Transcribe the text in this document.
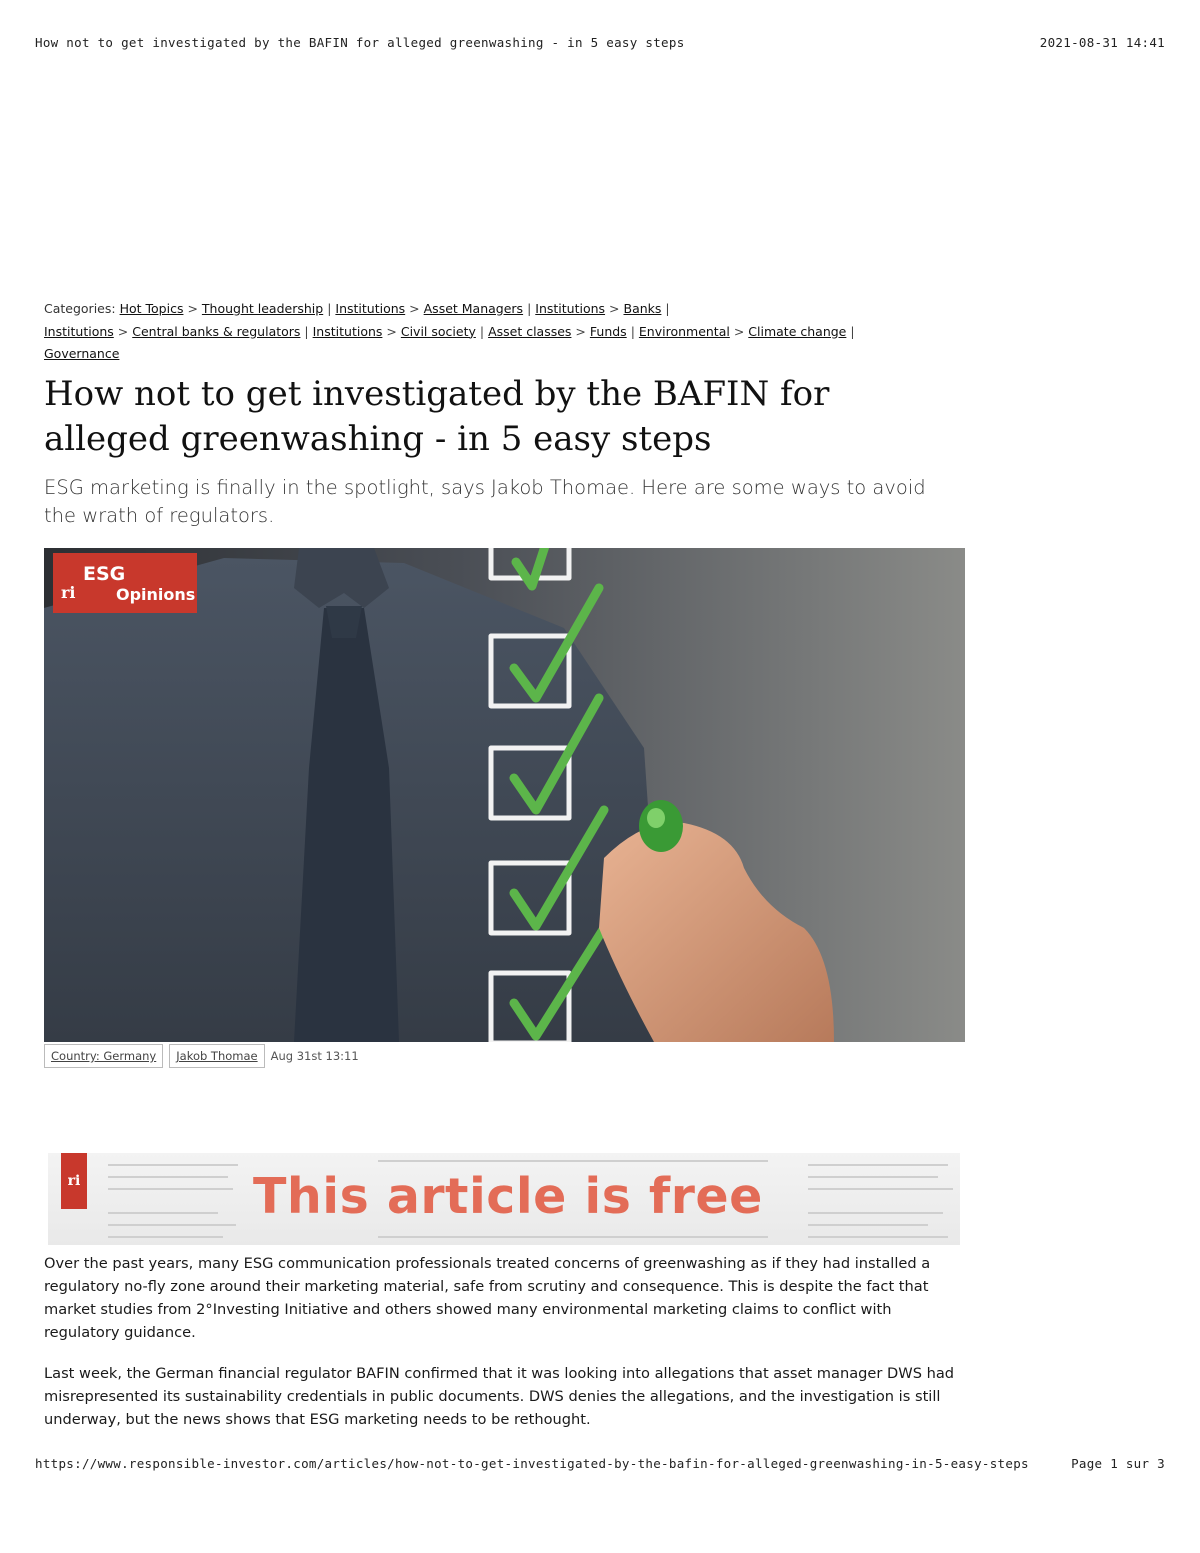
How not to get investigated by the BAFIN for alleged greenwashing - in 5 easy steps	2021-08-31 14:41
Categories: Hot Topics > Thought leadership | Institutions > Asset Managers | Institutions > Banks |
Institutions > Central banks & regulators | Institutions > Civil society | Asset classes > Funds | Environmental > Climate change |
Governance
How not to get investigated by the BAFIN for alleged greenwashing - in 5 easy steps

ESG marketing is finally in the spotlight, says Jakob Thomae. Here are some ways to avoid the wrath of regulators.

ri
ESG
Opinions
Country: Germany	Jakob Thomae	Aug 31st 13:11
ri	This article is free

Over the past years, many ESG communication professionals treated concerns of greenwashing as if they had installed a regulatory no-fly zone around their marketing material, safe from scrutiny and consequence. This is despite the fact that market studies from 2°Investing Initiative and others showed many environmental marketing claims to conflict with regulatory guidance.

Last week, the German financial regulator BAFIN confirmed that it was looking into allegations that asset manager DWS had misrepresented its sustainability credentials in public documents. DWS denies the allegations, and the investigation is still underway, but the news shows that ESG marketing needs to be rethought.

https://www.responsible-investor.com/articles/how-not-to-get-investigated-by-the-bafin-for-alleged-greenwashing-in-5-easy-steps	Page 1 sur 3
